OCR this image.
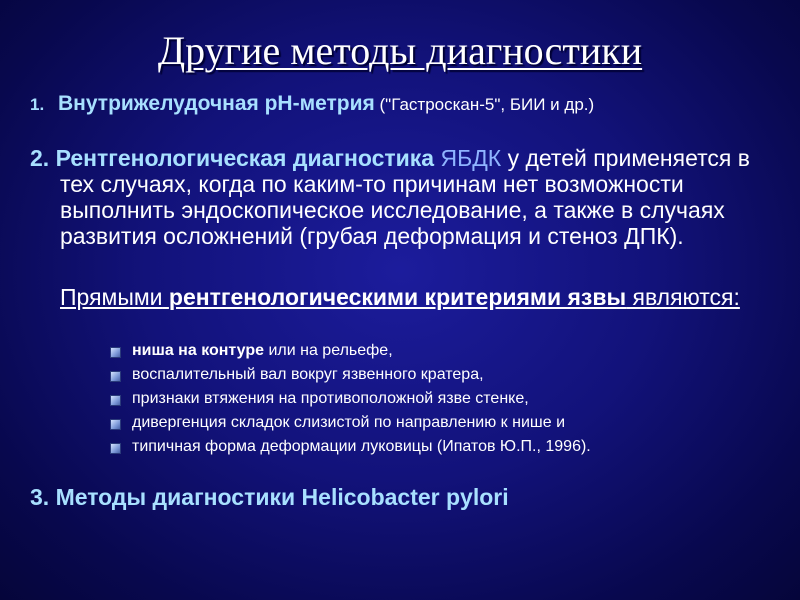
Другие методы диагностики
1. Внутрижелудочная рН-метрия ("Гастроскан-5", БИИ и др.)

2. Рентгенологическая диагностика ЯБДК у детей применяется в тех случаях, когда по каким-то причинам нет возможности выполнить эндоскопическое исследование, а также в случаях развития осложнений (грубая деформация и стеноз ДПК).

Прямыми рентгенологическими критериями язвы являются:
ниша на контуре или на рельефе,
воспалительный вал вокруг язвенного кратера,
признаки втяжения на противоположной язве стенке,
дивергенция складок слизистой по направлению к нише и
типичная форма деформации луковицы (Ипатов Ю.П., 1996).
3. Методы диагностики Helicobacter pylori
